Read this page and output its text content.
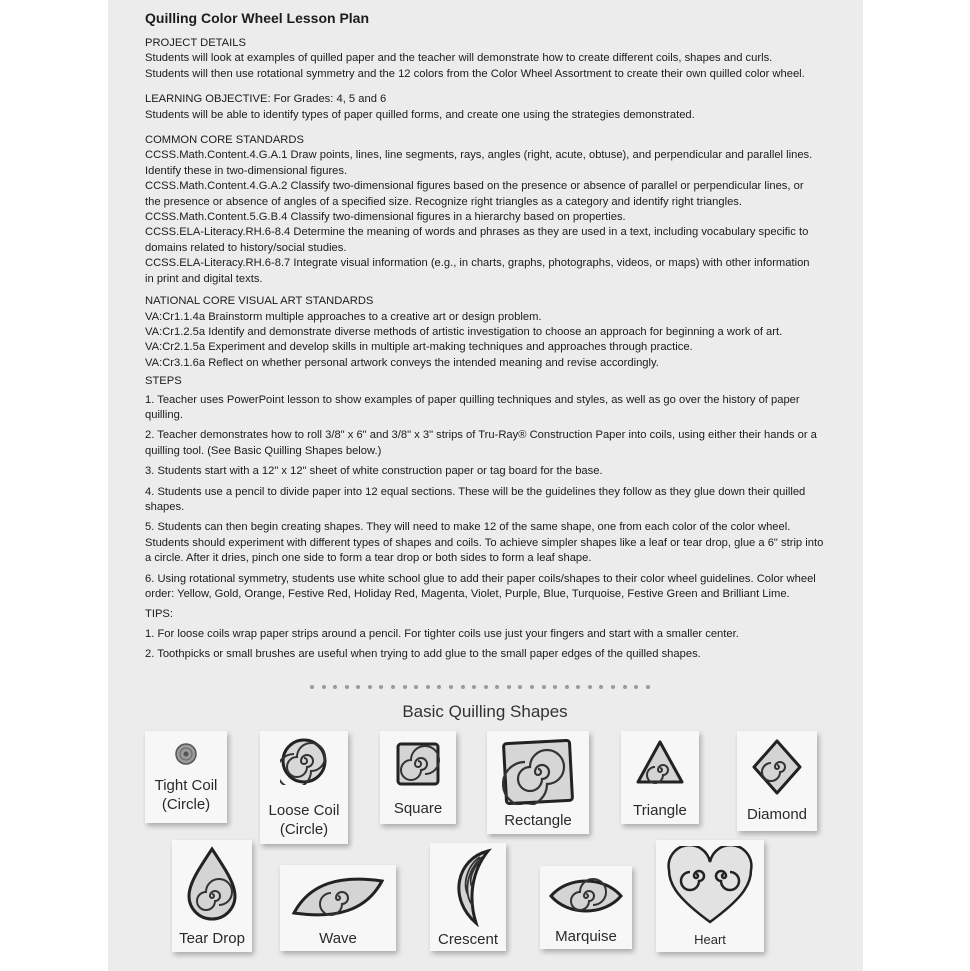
Quilling Color Wheel Lesson Plan
PROJECT DETAILS
Students will look at examples of quilled paper and the teacher will demonstrate how to create different coils, shapes and curls.
Students will then use rotational symmetry and the 12 colors from the Color Wheel Assortment to create their own quilled color wheel.
LEARNING OBJECTIVE: For Grades: 4, 5 and 6
Students will be able to identify types of paper quilled forms, and create one using the strategies demonstrated.
COMMON CORE STANDARDS
CCSS.Math.Content.4.G.A.1 Draw points, lines, line segments, rays, angles (right, acute, obtuse), and perpendicular and parallel lines.
Identify these in two-dimensional figures.
CCSS.Math.Content.4.G.A.2 Classify two-dimensional figures based on the presence or absence of parallel or perpendicular lines, or
the presence or absence of angles of a specified size. Recognize right triangles as a category and identify right triangles.
CCSS.Math.Content.5.G.B.4 Classify two-dimensional figures in a hierarchy based on properties.
CCSS.ELA-Literacy.RH.6-8.4 Determine the meaning of words and phrases as they are used in a text, including vocabulary specific to
domains related to history/social studies.
CCSS.ELA-Literacy.RH.6-8.7 Integrate visual information (e.g., in charts, graphs, photographs, videos, or maps) with other information
in print and digital texts.
NATIONAL CORE VISUAL ART STANDARDS
VA:Cr1.1.4a Brainstorm multiple approaches to a creative art or design problem.
VA:Cr1.2.5a Identify and demonstrate diverse methods of artistic investigation to choose an approach for beginning a work of art.
VA:Cr2.1.5a Experiment and develop skills in multiple art-making techniques and approaches through practice.
VA:Cr3.1.6a Reflect on whether personal artwork conveys the intended meaning and revise accordingly.
STEPS
1. Teacher uses PowerPoint lesson to show examples of paper quilling techniques and styles, as well as go over the history of paper quilling.
2. Teacher demonstrates how to roll 3/8" x 6" and 3/8" x 3" strips of Tru-Ray® Construction Paper into coils, using either their hands or a quilling tool. (See Basic Quilling Shapes below.)
3. Students start with a 12" x 12" sheet of white construction paper or tag board for the base.
4. Students use a pencil to divide paper into 12 equal sections. These will be the guidelines they follow as they glue down their quilled shapes.
5. Students can then begin creating shapes. They will need to make 12 of the same shape, one from each color of the color wheel. Students should experiment with different types of shapes and coils. To achieve simpler shapes like a leaf or tear drop, glue a 6" strip into a circle. After it dries, pinch one side to form a tear drop or both sides to form a leaf shape.
6. Using rotational symmetry, students use white school glue to add their paper coils/shapes to their color wheel guidelines. Color wheel order: Yellow, Gold, Orange, Festive Red, Holiday Red, Magenta, Violet, Purple, Blue, Turquoise, Festive Green and Brilliant Lime.
TIPS:
1. For loose coils wrap paper strips around a pencil. For tighter coils use just your fingers and start with a smaller center.
2. Toothpicks or small brushes are useful when trying to add glue to the small paper edges of the quilled shapes.
Basic Quilling Shapes
Tight Coil
(Circle)	Loose Coil
(Circle)
Square
Rectangle
Triangle	Diamond
Tear Drop	Wave	Crescent	Marquise	Heart
